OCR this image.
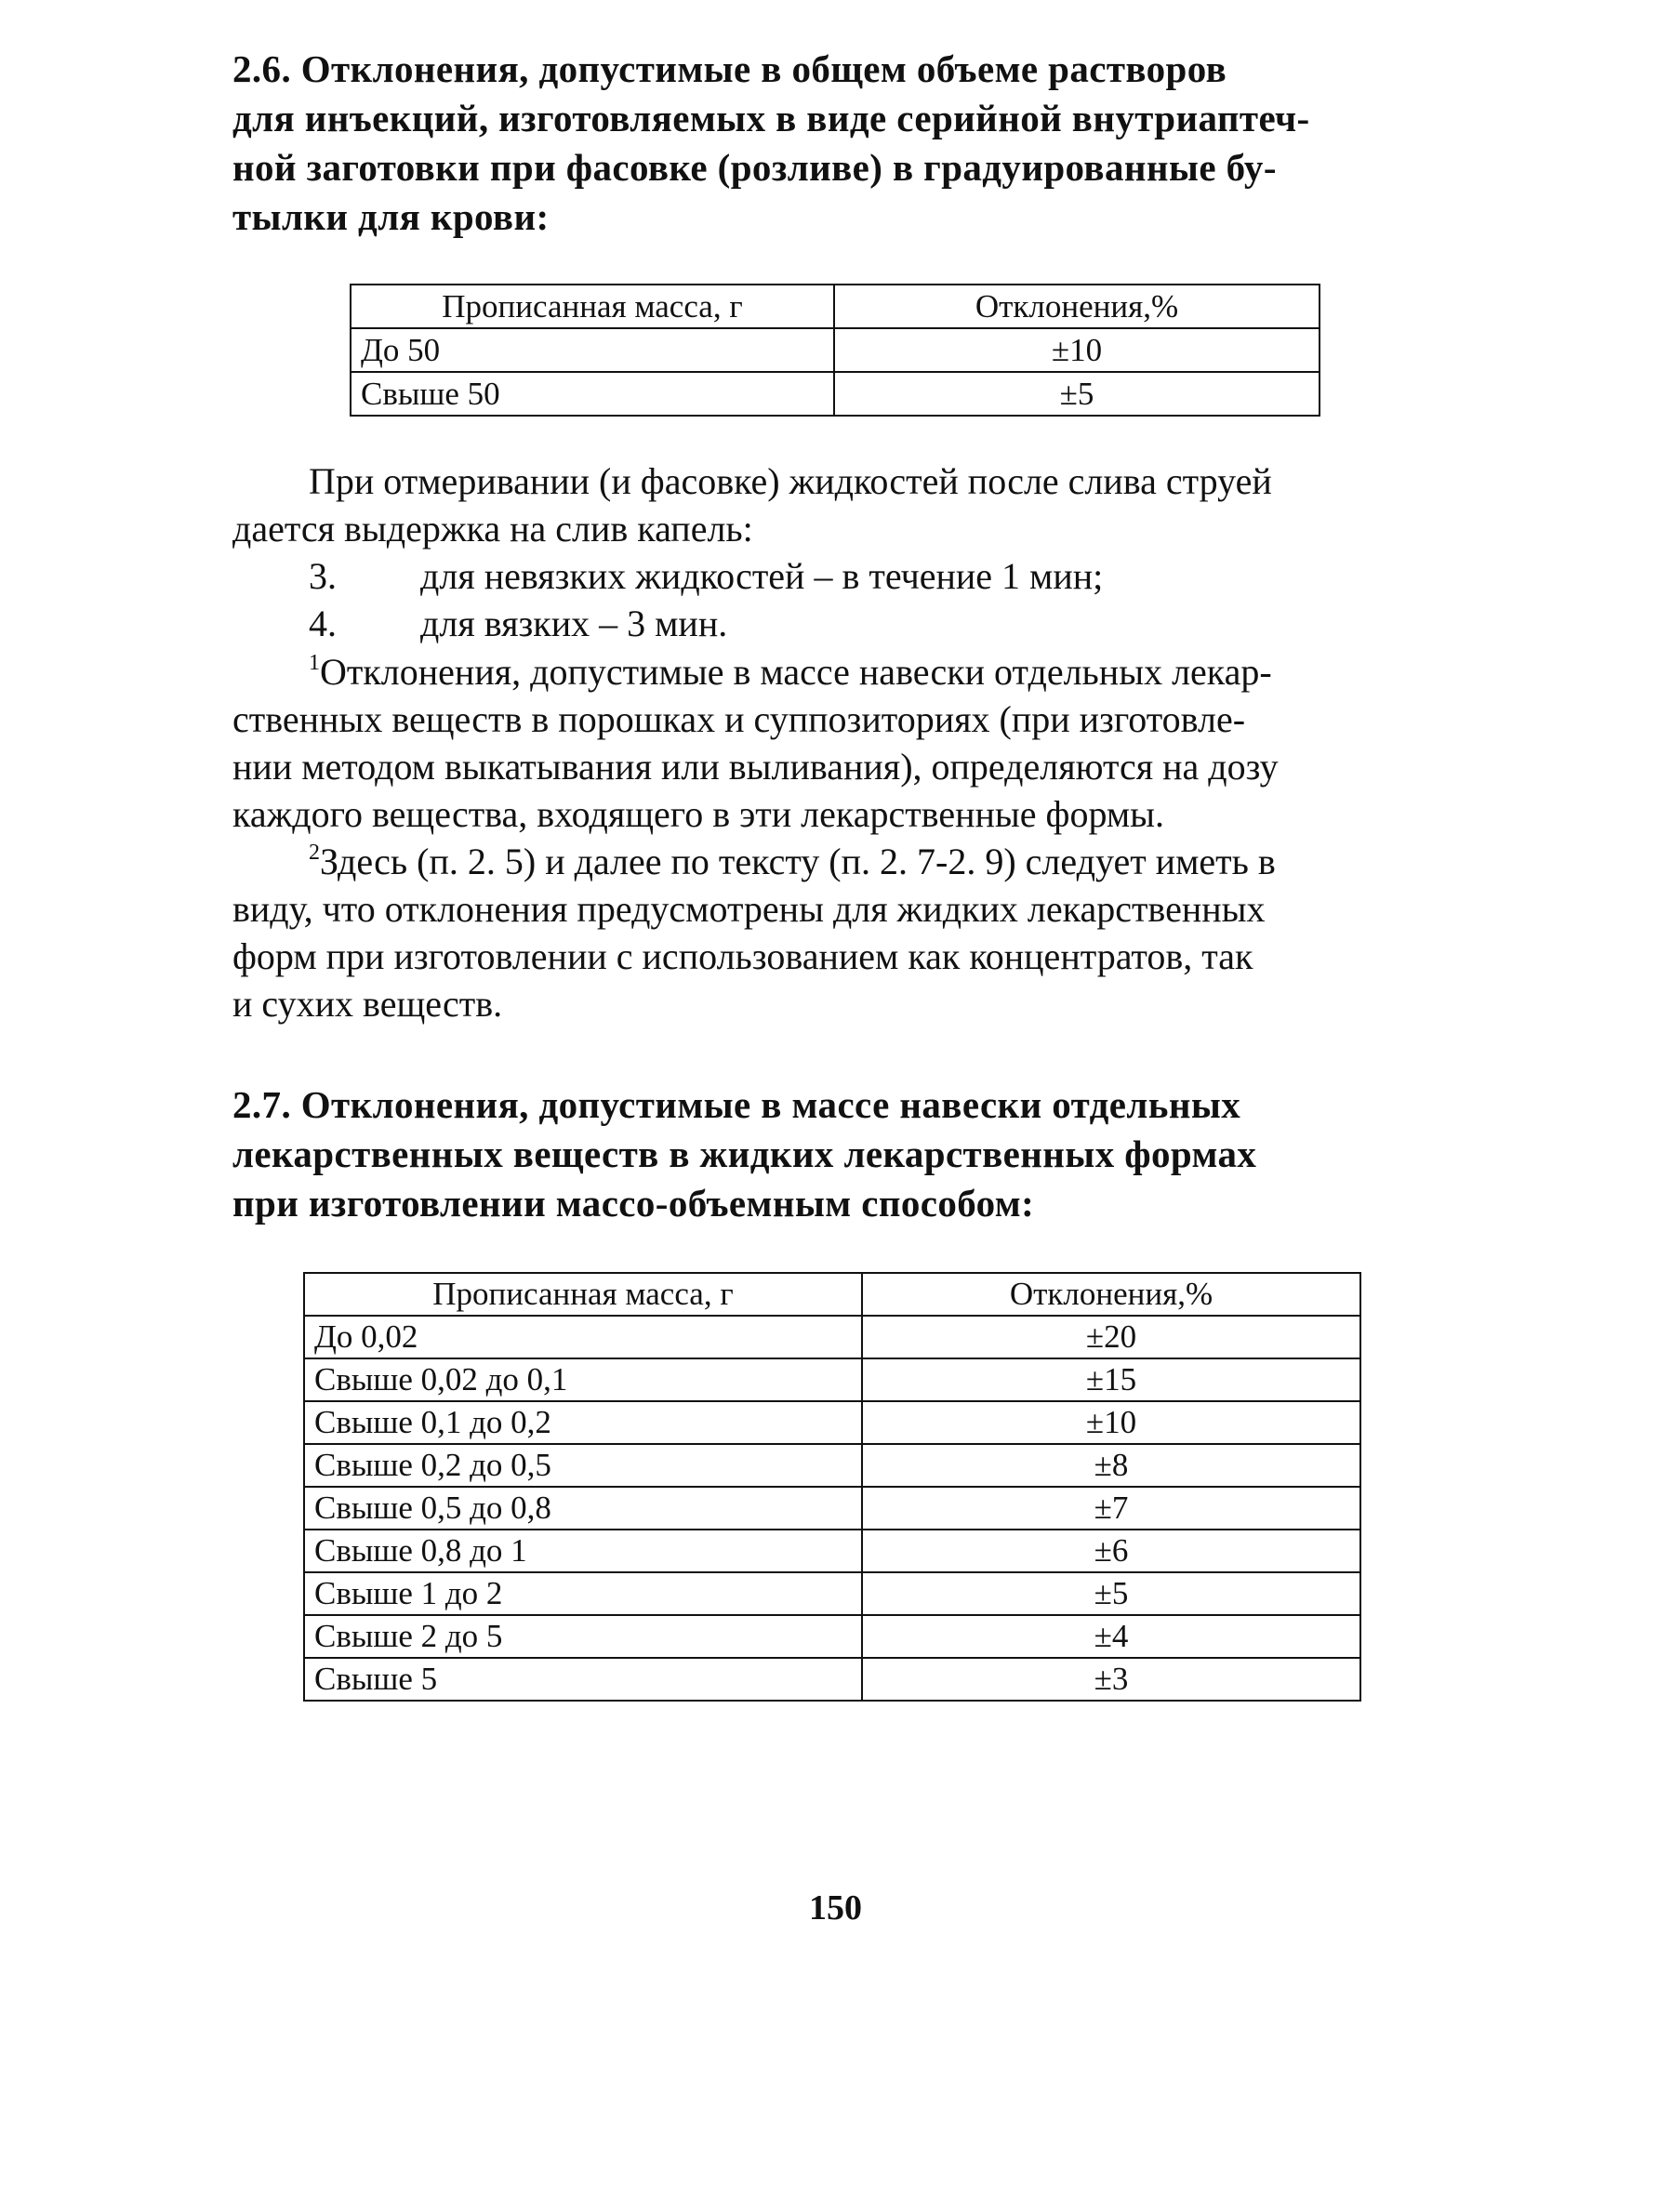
2.6. Отклонения, допустимые в общем объеме растворов
для инъекций, изготовляемых в виде серийной внутриаптеч-
ной заготовки при фасовке (розливе) в градуированные бу-
тылки для крови:
Прописанная масса, г	Отклонения,%
До 50	±10
Свыше 50	±5
При отмеривании (и фасовке) жидкостей после слива струей
дается выдержка на слив капель:
3. для невязких жидкостей – в течение 1 мин;
4. для вязких – 3 мин.
$^1$Отклонения, допустимые в массе навески отдельных лекар-
ственных веществ в порошках и суппозиториях (при изготовле-
нии методом выкатывания или выливания), определяются на дозу
каждого вещества, входящего в эти лекарственные формы.
$^2$Здесь (п. 2. 5) и далее по тексту (п. 2. 7-2. 9) следует иметь в
виду, что отклонения предусмотрены для жидких лекарственных
форм при изготовлении с использованием как концентратов, так
и сухих веществ.
2.7. Отклонения, допустимые в массе навески отдельных
лекарственных веществ в жидких лекарственных формах
при изготовлении массо-объемным способом:
Прописанная масса, г	Отклонения,%
До 0,02	±20
Свыше 0,02 до 0,1	±15
Свыше 0,1 до 0,2	±10
Свыше 0,2 до 0,5	±8
Свыше 0,5 до 0,8	±7
Свыше 0,8 до 1	±6
Свыше 1 до 2	±5
Свыше 2 до 5	±4
Свыше 5	±3
150
